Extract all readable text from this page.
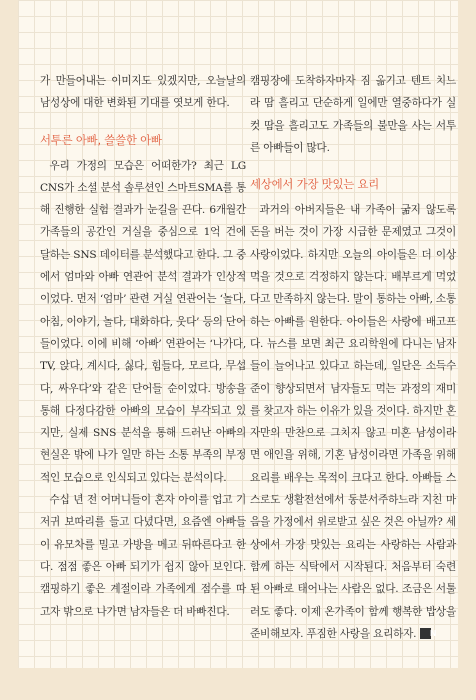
가 만들어내는 이미지도 있겠지만, 오늘날의 남성상에 대한 변화된 기대를 엿보게 한다.

서투른 아빠, 쓸쓸한 아빠

우리 가정의 모습은 어떠한가? 최근 LG CNS가 소셜 분석 솔루션인 스마트SMA를 통해 진행한 실험 결과가 눈길을 끈다. 6개월간 가족들의 공간인 거실을 중심으로 1억 건에 달하는 SNS 데이터를 분석했다고 한다. 그 중에서 엄마와 아빠 연관어 분석 결과가 인상적이었다. 먼저 ‘엄마’ 관련 거실 연관어는 ‘놀다, 아침, 이야기, 놀다, 대화하다, 웃다’ 등의 단어들이었다. 이에 비해 ‘아빠’ 연관어는 ‘나가다, TV, 앉다, 계시다, 싫다, 힘들다, 모르다, 무섭다, 싸우다’와 같은 단어들 순이었다. 방송을 통해 다정다감한 아빠의 모습이 부각되고 있지만, 실제 SNS 분석을 통해 드러난 아빠의 현실은 밖에 나가 일만 하는 소통 부족의 부정적인 모습으로 인식되고 있다는 분석이다.

수십 년 전 어머니들이 혼자 아이를 업고 기저귀 보따리를 들고 다녔다면, 요즘엔 아빠들이 유모차를 밀고 가방을 메고 뒤따른다고 한다. 점점 좋은 아빠 되기가 쉽지 않아 보인다. 캠핑하기 좋은 계절이라 가족에게 점수를 따고자 밖으로 나가면 남자들은 더 바빠진다.

캠핑장에 도착하자마자 짐 옮기고 텐트 치느라 땀 흘리고 단순하게 일에만 열중하다가 실컷 땀을 흘리고도 가족들의 불만을 사는 서투른 아빠들이 많다.

세상에서 가장 맛있는 요리

과거의 아버지들은 내 가족이 굶지 않도록 돈을 버는 것이 가장 시급한 문제였고 그것이 사랑이었다. 하지만 오늘의 아이들은 더 이상 먹을 것으로 걱정하지 않는다. 배부르게 먹었다고 만족하지 않는다. 말이 통하는 아빠, 소통하는 아빠를 원한다. 아이들은 사랑에 배고프다. 뉴스를 보면 최근 요리학원에 다니는 남자들이 늘어나고 있다고 하는데, 일단은 소득수준이 향상되면서 남자들도 먹는 과정의 재미를 찾고자 하는 이유가 있을 것이다. 하지만 혼자만의 만찬으로 그치지 않고 미혼 남성이라면 애인을 위해, 기혼 남성이라면 가족을 위해 요리를 배우는 목적이 크다고 한다. 아빠들 스스로도 생활전선에서 동분서주하느라 지친 마음을 가정에서 위로받고 싶은 것은 아닐까? 세상에서 가장 맛있는 요리는 사랑하는 사람과 함께 하는 식탁에서 시작된다. 처음부터 숙련된 아빠로 태어나는 사람은 없다. 조금은 서툴러도 좋다. 이제 온가족이 함께 행복한 밥상을 준비해보자. 푸짐한 사랑을 요리하자. N
